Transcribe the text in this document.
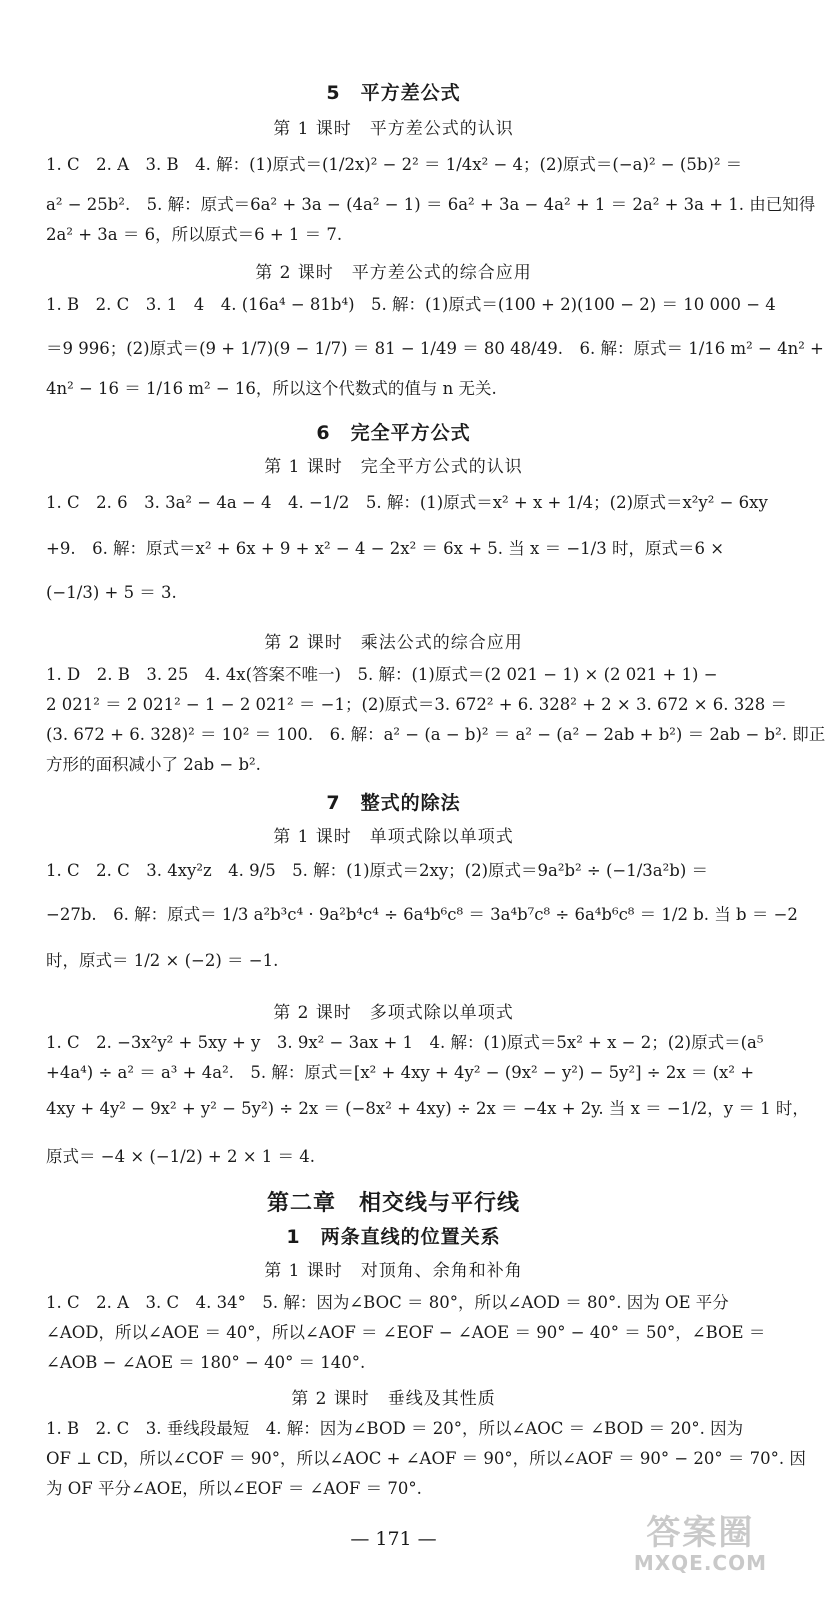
5　平方差公式
第 1 课时　平方差公式的认识
1. C　2. A　3. B　4. 解：(1)原式＝(1/2x)² − 2² ＝ 1/4x² − 4；(2)原式＝(−a)² − (5b)² ＝
a² − 25b².　5. 解：原式＝6a² + 3a − (4a² − 1) ＝ 6a² + 3a − 4a² + 1 ＝ 2a² + 3a + 1. 由已知得
2a² + 3a ＝ 6，所以原式＝6 + 1 ＝ 7.
第 2 课时　平方差公式的综合应用
1. B　2. C　3. 1　4　4. (16a⁴ − 81b⁴)　5. 解：(1)原式＝(100 + 2)(100 − 2) ＝ 10 000 − 4
＝9 996；(2)原式＝(9 + 1/7)(9 − 1/7) ＝ 81 − 1/49 ＝ 80 48/49.　6. 解：原式＝ 1/16 m² − 4n² +
4n² − 16 ＝ 1/16 m² − 16，所以这个代数式的值与 n 无关.
6　完全平方公式
第 1 课时　完全平方公式的认识
1. C　2. 6　3. 3a² − 4a − 4　4. −1/2　5. 解：(1)原式＝x² + x + 1/4；(2)原式＝x²y² − 6xy
+9.　6. 解：原式＝x² + 6x + 9 + x² − 4 − 2x² ＝ 6x + 5. 当 x ＝ −1/3 时，原式＝6 ×
(−1/3) + 5 ＝ 3.
第 2 课时　乘法公式的综合应用
1. D　2. B　3. 25　4. 4x(答案不唯一)　5. 解：(1)原式＝(2 021 − 1) × (2 021 + 1) −
2 021² ＝ 2 021² − 1 − 2 021² ＝ −1；(2)原式＝3. 672² + 6. 328² + 2 × 3. 672 × 6. 328 ＝
(3. 672 + 6. 328)² ＝ 10² ＝ 100.　6. 解：a² − (a − b)² ＝ a² − (a² − 2ab + b²) ＝ 2ab − b². 即正
方形的面积减小了 2ab − b².
7　整式的除法
第 1 课时　单项式除以单项式
1. C　2. C　3. 4xy²z　4. 9/5　5. 解：(1)原式＝2xy；(2)原式＝9a²b² ÷ (−1/3a²b) ＝
−27b.　6. 解：原式＝ 1/3 a²b³c⁴ · 9a²b⁴c⁴ ÷ 6a⁴b⁶c⁸ ＝ 3a⁴b⁷c⁸ ÷ 6a⁴b⁶c⁸ ＝ 1/2 b. 当 b ＝ −2
时，原式＝ 1/2 × (−2) ＝ −1.
第 2 课时　多项式除以单项式
1. C　2. −3x²y² + 5xy + y　3. 9x² − 3ax + 1　4. 解：(1)原式＝5x² + x − 2；(2)原式＝(a⁵
+4a⁴) ÷ a² ＝ a³ + 4a².　5. 解：原式＝[x² + 4xy + 4y² − (9x² − y²) − 5y²] ÷ 2x ＝ (x² +
4xy + 4y² − 9x² + y² − 5y²) ÷ 2x ＝ (−8x² + 4xy) ÷ 2x ＝ −4x + 2y. 当 x ＝ −1/2，y ＝ 1 时，
原式＝ −4 × (−1/2) + 2 × 1 ＝ 4.
第二章　相交线与平行线
1　两条直线的位置关系
第 1 课时　对顶角、余角和补角
1. C　2. A　3. C　4. 34°　5. 解：因为∠BOC ＝ 80°，所以∠AOD ＝ 80°. 因为 OE 平分
∠AOD，所以∠AOE ＝ 40°，所以∠AOF ＝ ∠EOF − ∠AOE ＝ 90° − 40° ＝ 50°，∠BOE ＝
∠AOB − ∠AOE ＝ 180° − 40° ＝ 140°.
第 2 课时　垂线及其性质
1. B　2. C　3. 垂线段最短　4. 解：因为∠BOD ＝ 20°，所以∠AOC ＝ ∠BOD ＝ 20°. 因为
OF ⊥ CD，所以∠COF ＝ 90°，所以∠AOC + ∠AOF ＝ 90°，所以∠AOF ＝ 90° − 20° ＝ 70°. 因
为 OF 平分∠AOE，所以∠EOF ＝ ∠AOF ＝ 70°.
— 171 —	答案圈
MXQE.COM
